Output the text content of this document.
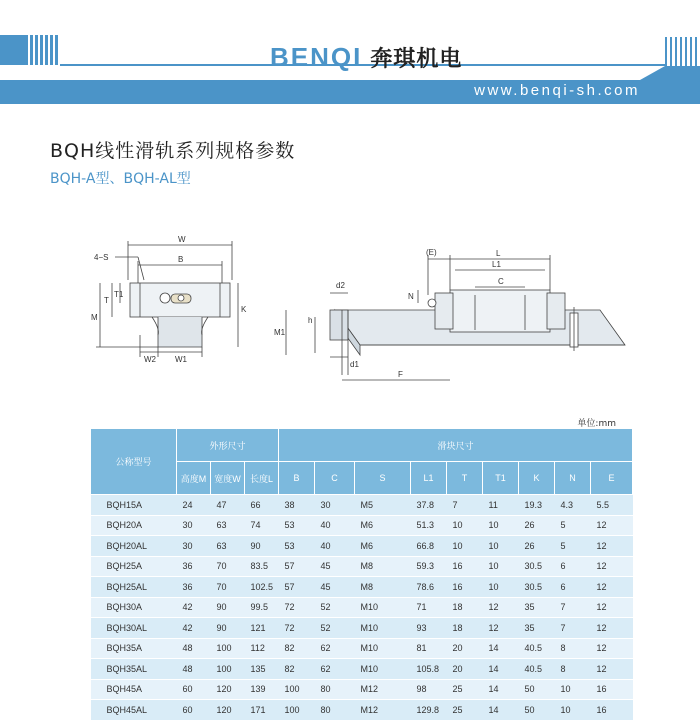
BENQI 奔琪机电
www.benqi-sh.com
BQH线性滑轨系列规格参数
BQH-A型、BQH-AL型
W
B
4−S
T
T1
M
K
W2 W1
(E)	L
L1
C
N
d2
h
M1
d1
F
单位:mm
公称型号	外形尺寸			滑块尺寸								
	高度M	宽度W	长度L	B	C	S	L1	T	T1	K	N	E
BQH15A	24	47	66	38	30	M5	37.8	7	11	19.3	4.3	5.5
BQH20A	30	63	74	53	40	M6	51.3	10	10	26	5	12
BQH20AL	30	63	90	53	40	M6	66.8	10	10	26	5	12
BQH25A	36	70	83.5	57	45	M8	59.3	16	10	30.5	6	12
BQH25AL	36	70	102.5	57	45	M8	78.6	16	10	30.5	6	12
BQH30A	42	90	99.5	72	52	M10	71	18	12	35	7	12
BQH30AL	42	90	121	72	52	M10	93	18	12	35	7	12
BQH35A	48	100	112	82	62	M10	81	20	14	40.5	8	12
BQH35AL	48	100	135	82	62	M10	105.8	20	14	40.5	8	12
BQH45A	60	120	139	100	80	M12	98	25	14	50	10	16
BQH45AL	60	120	171	100	80	M12	129.8	25	14	50	10	16
